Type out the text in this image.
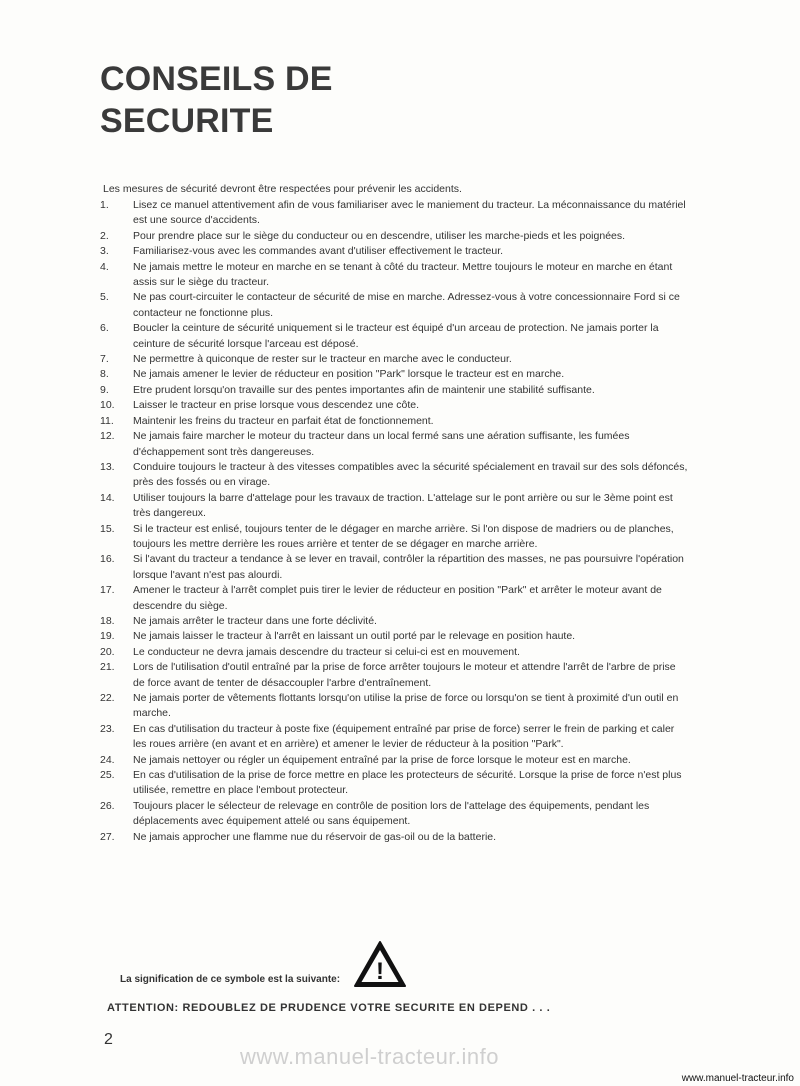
CONSEILS DE
SECURITE
Les mesures de sécurité devront être respectées pour prévenir les accidents.
1. Lisez ce manuel attentivement afin de vous familiariser avec le maniement du tracteur. La méconnaissance du matériel est une source d'accidents.
2. Pour prendre place sur le siège du conducteur ou en descendre, utiliser les marche-pieds et les poignées.
3. Familiarisez-vous avec les commandes avant d'utiliser effectivement le tracteur.
4. Ne jamais mettre le moteur en marche en se tenant à côté du tracteur. Mettre toujours le moteur en marche en étant assis sur le siège du tracteur.
5. Ne pas court-circuiter le contacteur de sécurité de mise en marche. Adressez-vous à votre concessionnaire Ford si ce contacteur ne fonctionne plus.
6. Boucler la ceinture de sécurité uniquement si le tracteur est équipé d'un arceau de protection. Ne jamais porter la ceinture de sécurité lorsque l'arceau est déposé.
7. Ne permettre à quiconque de rester sur le tracteur en marche avec le conducteur.
8. Ne jamais amener le levier de réducteur en position "Park" lorsque le tracteur est en marche.
9. Etre prudent lorsqu'on travaille sur des pentes importantes afin de maintenir une stabilité suffisante.
10. Laisser le tracteur en prise lorsque vous descendez une côte.
11. Maintenir les freins du tracteur en parfait état de fonctionnement.
12. Ne jamais faire marcher le moteur du tracteur dans un local fermé sans une aération suffisante, les fumées d'échappement sont très dangereuses.
13. Conduire toujours le tracteur à des vitesses compatibles avec la sécurité spécialement en travail sur des sols défoncés, près des fossés ou en virage.
14. Utiliser toujours la barre d'attelage pour les travaux de traction. L'attelage sur le pont arrière ou sur le 3ème point est très dangereux.
15. Si le tracteur est enlisé, toujours tenter de le dégager en marche arrière. Si l'on dispose de madriers ou de planches, toujours les mettre derrière les roues arrière et tenter de se dégager en marche arrière.
16. Si l'avant du tracteur a tendance à se lever en travail, contrôler la répartition des masses, ne pas poursuivre l'opération lorsque l'avant n'est pas alourdi.
17. Amener le tracteur à l'arrêt complet puis tirer le levier de réducteur en position "Park" et arrêter le moteur avant de descendre du siège.
18. Ne jamais arrêter le tracteur dans une forte déclivité.
19. Ne jamais laisser le tracteur à l'arrêt en laissant un outil porté par le relevage en position haute.
20. Le conducteur ne devra jamais descendre du tracteur si celui-ci est en mouvement.
21. Lors de l'utilisation d'outil entraîné par la prise de force arrêter toujours le moteur et attendre l'arrêt de l'arbre de prise de force avant de tenter de désaccoupler l'arbre d'entraînement.
22. Ne jamais porter de vêtements flottants lorsqu'on utilise la prise de force ou lorsqu'on se tient à proximité d'un outil en marche.
23. En cas d'utilisation du tracteur à poste fixe (équipement entraîné par prise de force) serrer le frein de parking et caler les roues arrière (en avant et en arrière) et amener le levier de réducteur à la position "Park".
24. Ne jamais nettoyer ou régler un équipement entraîné par la prise de force lorsque le moteur est en marche.
25. En cas d'utilisation de la prise de force mettre en place les protecteurs de sécurité. Lorsque la prise de force n'est plus utilisée, remettre en place l'embout protecteur.
26. Toujours placer le sélecteur de relevage en contrôle de position lors de l'attelage des équipements, pendant les déplacements avec équipement attelé ou sans équipement.
27. Ne jamais approcher une flamme nue du réservoir de gas-oil ou de la batterie.
La signification de ce symbole est la suivante: !
ATTENTION: REDOUBLEZ DE PRUDENCE VOTRE SECURITE EN DEPEND . . .
2
www.manuel-tracteur.info
www.manuel-tracteur.info
